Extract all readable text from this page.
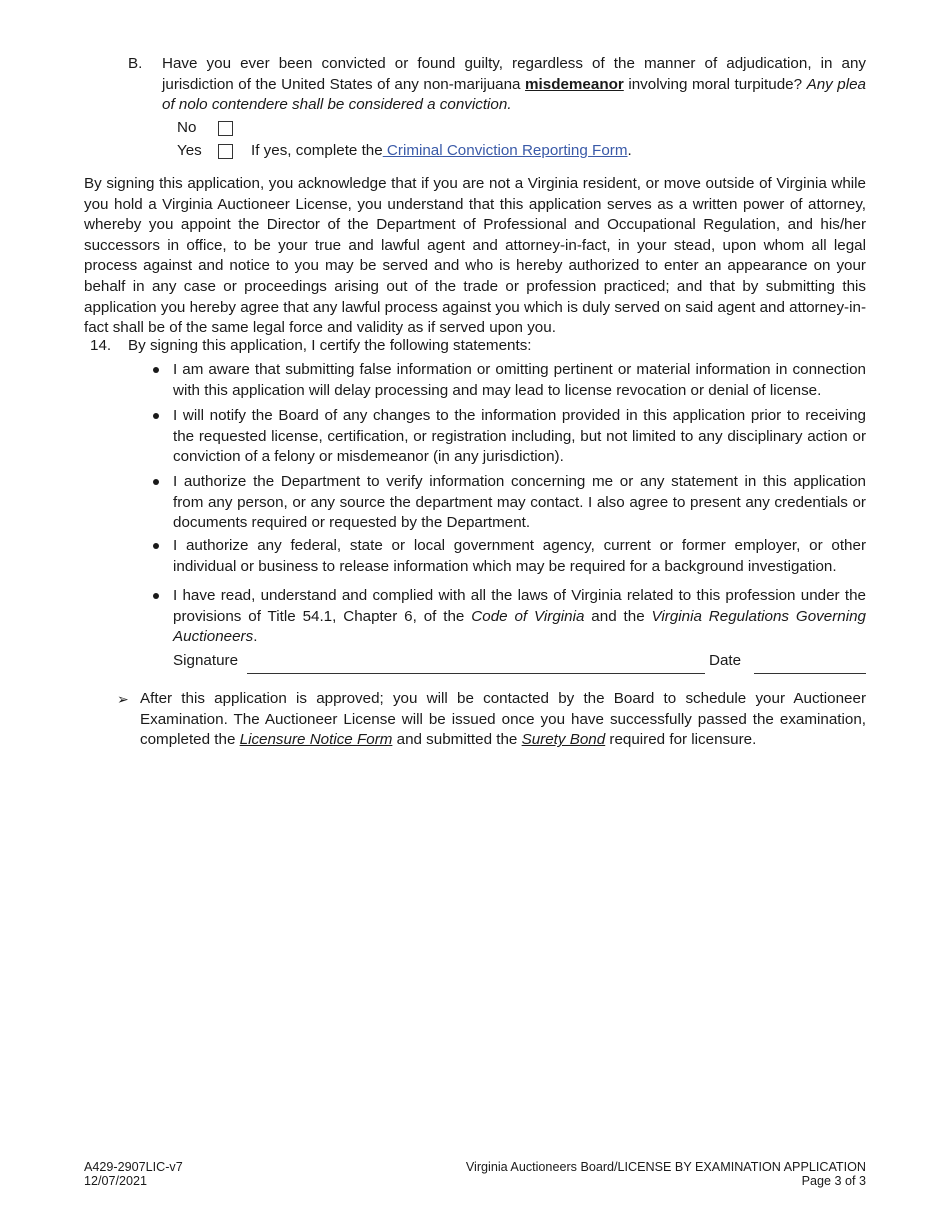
B. Have you ever been convicted or found guilty, regardless of the manner of adjudication, in any jurisdiction of the United States of any non-marijuana misdemeanor involving moral turpitude? Any plea of nolo contendere shall be considered a conviction.
No
Yes	If yes, complete the Criminal Conviction Reporting Form.
By signing this application, you acknowledge that if you are not a Virginia resident, or move outside of Virginia while you hold a Virginia Auctioneer License, you understand that this application serves as a written power of attorney, whereby you appoint the Director of the Department of Professional and Occupational Regulation, and his/her successors in office, to be your true and lawful agent and attorney-in-fact, in your stead, upon whom all legal process against and notice to you may be served and who is hereby authorized to enter an appearance on your behalf in any case or proceedings arising out of the trade or profession practiced; and that by submitting this application you hereby agree that any lawful process against you which is duly served on said agent and attorney-in-fact shall be of the same legal force and validity as if served upon you.
14. By signing this application, I certify the following statements:
I am aware that submitting false information or omitting pertinent or material information in connection with this application will delay processing and may lead to license revocation or denial of license.
I will notify the Board of any changes to the information provided in this application prior to receiving the requested license, certification, or registration including, but not limited to any disciplinary action or conviction of a felony or misdemeanor (in any jurisdiction).
I authorize the Department to verify information concerning me or any statement in this application from any person, or any source the department may contact. I also agree to present any credentials or documents required or requested by the Department.
I authorize any federal, state or local government agency, current or former employer, or other individual or business to release information which may be required for a background investigation.
I have read, understand and complied with all the laws of Virginia related to this profession under the provisions of Title 54.1, Chapter 6, of the Code of Virginia and the Virginia Regulations Governing Auctioneers.
Signature	Date
➢ After this application is approved; you will be contacted by the Board to schedule your Auctioneer Examination. The Auctioneer License will be issued once you have successfully passed the examination, completed the Licensure Notice Form and submitted the Surety Bond required for licensure.
A429-2907LIC-v7
12/07/2021
Virginia Auctioneers Board/LICENSE BY EXAMINATION APPLICATION
Page 3 of 3
